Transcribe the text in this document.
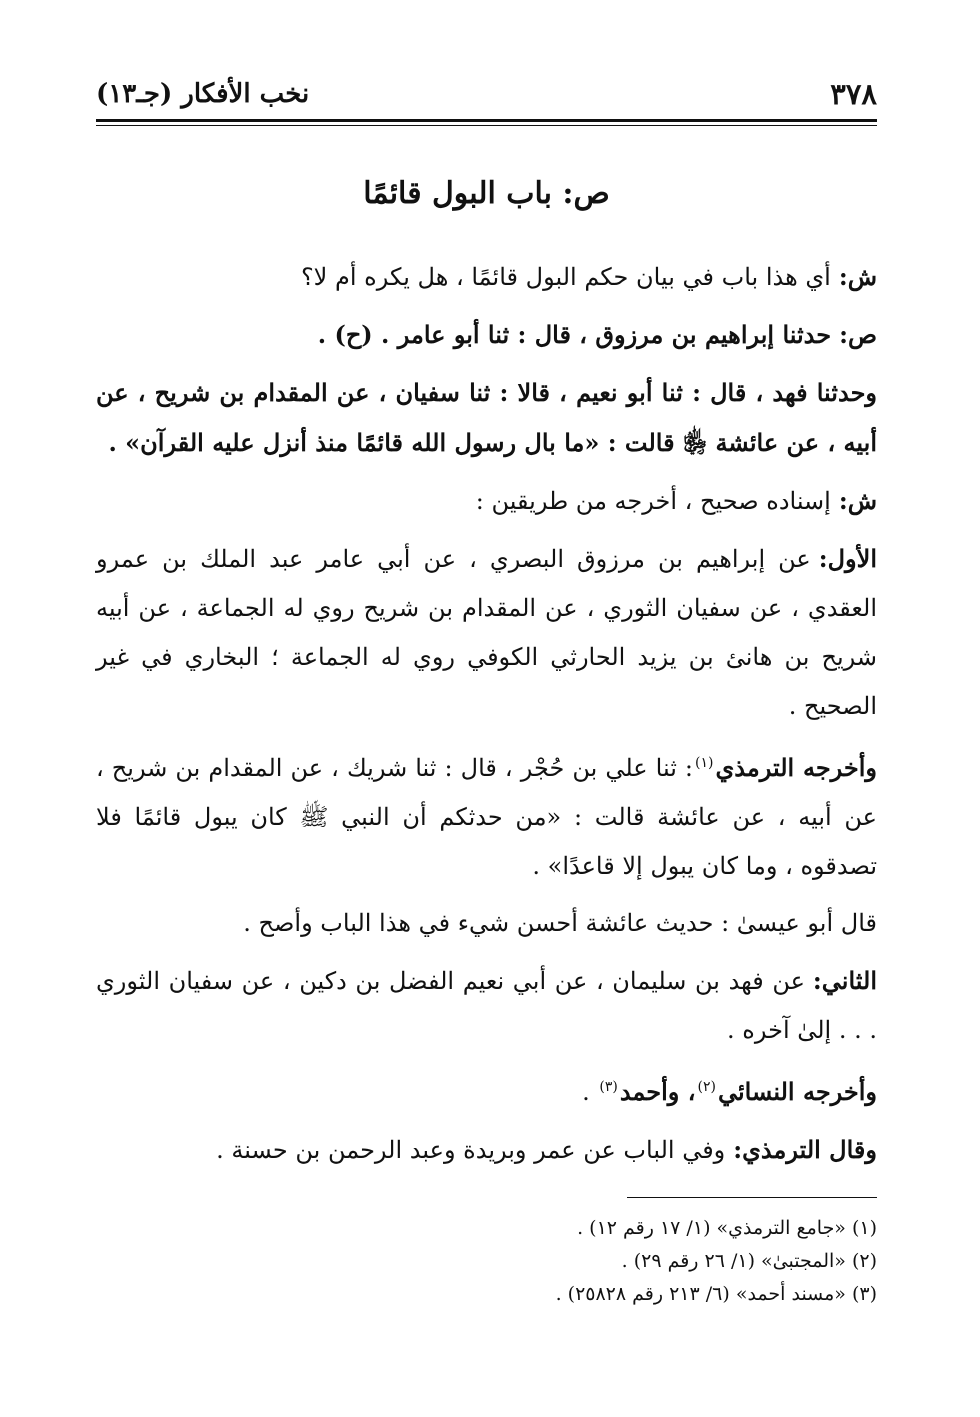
٣٧٨
نخب الأفكار (جـ١٣)
ص: باب البول قائمًا

ش:أي هذا باب في بيان حكم البول قائمًا ، هل يكره أم لا؟

ص:حدثنا إبراهيم بن مرزوق ، قال : ثنا أبو عامر . (ح) .

وحدثنا فهد ، قال : ثنا أبو نعيم ، قالا : ثنا سفيان ، عن المقدام بن شريح ، عن أبيه ، عن عائشة ﵂ قالت : «ما بال رسول الله قائمًا منذ أنزل عليه القرآن» .

ش:إسناده صحيح ، أخرجه من طريقين :

الأول:عن إبراهيم بن مرزوق البصري ، عن أبي عامر عبد الملك بن عمرو العقدي ، عن سفيان الثوري ، عن المقدام بن شريح روي له الجماعة ، عن أبيه شريح بن هانئ بن يزيد الحارثي الكوفي روي له الجماعة ؛ البخاري في غير الصحيح .

وأخرجه الترمذي$^{(١)}$: ثنا علي بن حُجْر ، قال : ثنا شريك ، عن المقدام بن شريح ، عن أبيه ، عن عائشة قالت : «من حدثكم أن النبي ﷺ كان يبول قائمًا فلا تصدقوه ، وما كان يبول إلا قاعدًا» .

قال أبو عيسىٰ : حديث عائشة أحسن شيء في هذا الباب وأصح .

الثاني:عن فهد بن سليمان ، عن أبي نعيم الفضل بن دكين ، عن سفيان الثوري . . . إلىٰ آخره .

وأخرجه النسائي$^{(٢)}$، وأحمد$^{(٣)}$ .

وقال الترمذي:وفي الباب عن عمر وبريدة وعبد الرحمن بن حسنة .

(١)«جامع الترمذي» (١/ ١٧ رقم ١٢) .

(٢)«المجتبىٰ» (١/ ٢٦ رقم ٢٩) .

(٣)«مسند أحمد» (٦/ ٢١٣ رقم ٢٥٨٢٨) .
